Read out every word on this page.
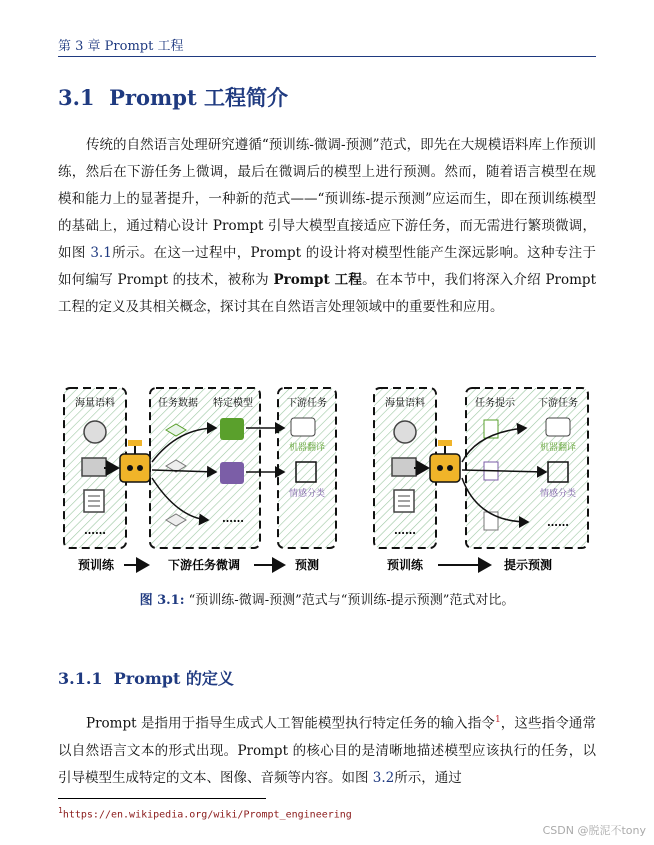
第 3 章 Prompt 工程
3.1 Prompt 工程简介
传统的自然语言处理研究遵循“预训练-微调-预测”范式，即先在大规模语料库上作预训练，然后在下游任务上微调，最后在微调后的模型上进行预测。然而，随着语言模型在规模和能力上的显著提升，一种新的范式——“预训练-提示预测”应运而生，即在预训练模型的基础上，通过精心设计 Prompt 引导大模型直接适应下游任务，而无需进行繁琐微调，如图 3.1所示。在这一过程中，Prompt 的设计将对模型性能产生深远影响。这种专注于如何编写 Prompt 的技术，被称为 Prompt 工程。在本节中，我们将深入介绍 Prompt 工程的定义及其相关概念，探讨其在自然语言处理领域中的重要性和应用。
海量语料	任务数据 特定模型	下游任务
……
……
机器翻译
情感分类
预训练	下游任务微调	预测
海量语料	任务提示 下游任务
……
机器翻译
情感分类
……
预训练	提示预测
图 3.1: “预训练-微调-预测”范式与“预训练-提示预测”范式对比。
3.1.1 Prompt 的定义
Prompt 是指用于指导生成式人工智能模型执行特定任务的输入指令$^1$，这些指令通常以自然语言文本的形式出现。Prompt 的核心目的是清晰地描述模型应该执行的任务，以引导模型生成特定的文本、图像、音频等内容。如图 3.2所示，通过
$^1$https://en.wikipedia.org/wiki/Prompt_engineering
CSDN @脱泥不tony
